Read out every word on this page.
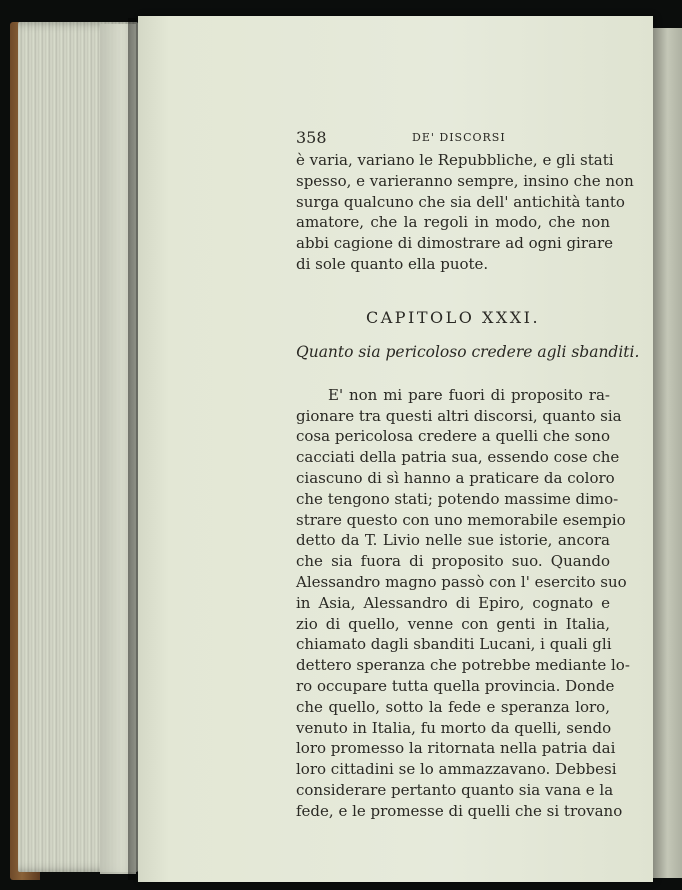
358	DE' DISCORSI
è varia, variano le Repubbliche, e gli stati
spesso, e varieranno sempre, insino che non
surga qualcuno che sia dell' antichità tanto
amatore, che la regoli in modo, che non
abbi cagione di dimostrare ad ogni girare
di sole quanto ella puote.
CAPITOLO XXXI.
Quanto sia pericoloso credere agli sbanditi.
E' non mi pare fuori di proposito ra-
gionare tra questi altri discorsi, quanto sia
cosa pericolosa credere a quelli che sono
cacciati della patria sua, essendo cose che
ciascuno di sì hanno a praticare da coloro
che tengono stati; potendo massime dimo-
strare questo con uno memorabile esempio
detto da T. Livio nelle sue istorie, ancora
che sia fuora di proposito suo. Quando
Alessandro magno passò con l' esercito suo
in Asia, Alessandro di Epiro, cognato e
zio di quello, venne con genti in Italia,
chiamato dagli sbanditi Lucani, i quali gli
dettero speranza che potrebbe mediante lo-
ro occupare tutta quella provincia. Donde
che quello, sotto la fede e speranza loro,
venuto in Italia, fu morto da quelli, sendo
loro promesso la ritornata nella patria dai
loro cittadini se lo ammazzavano. Debbesi
considerare pertanto quanto sia vana e la
fede, e le promesse di quelli che si trovano
